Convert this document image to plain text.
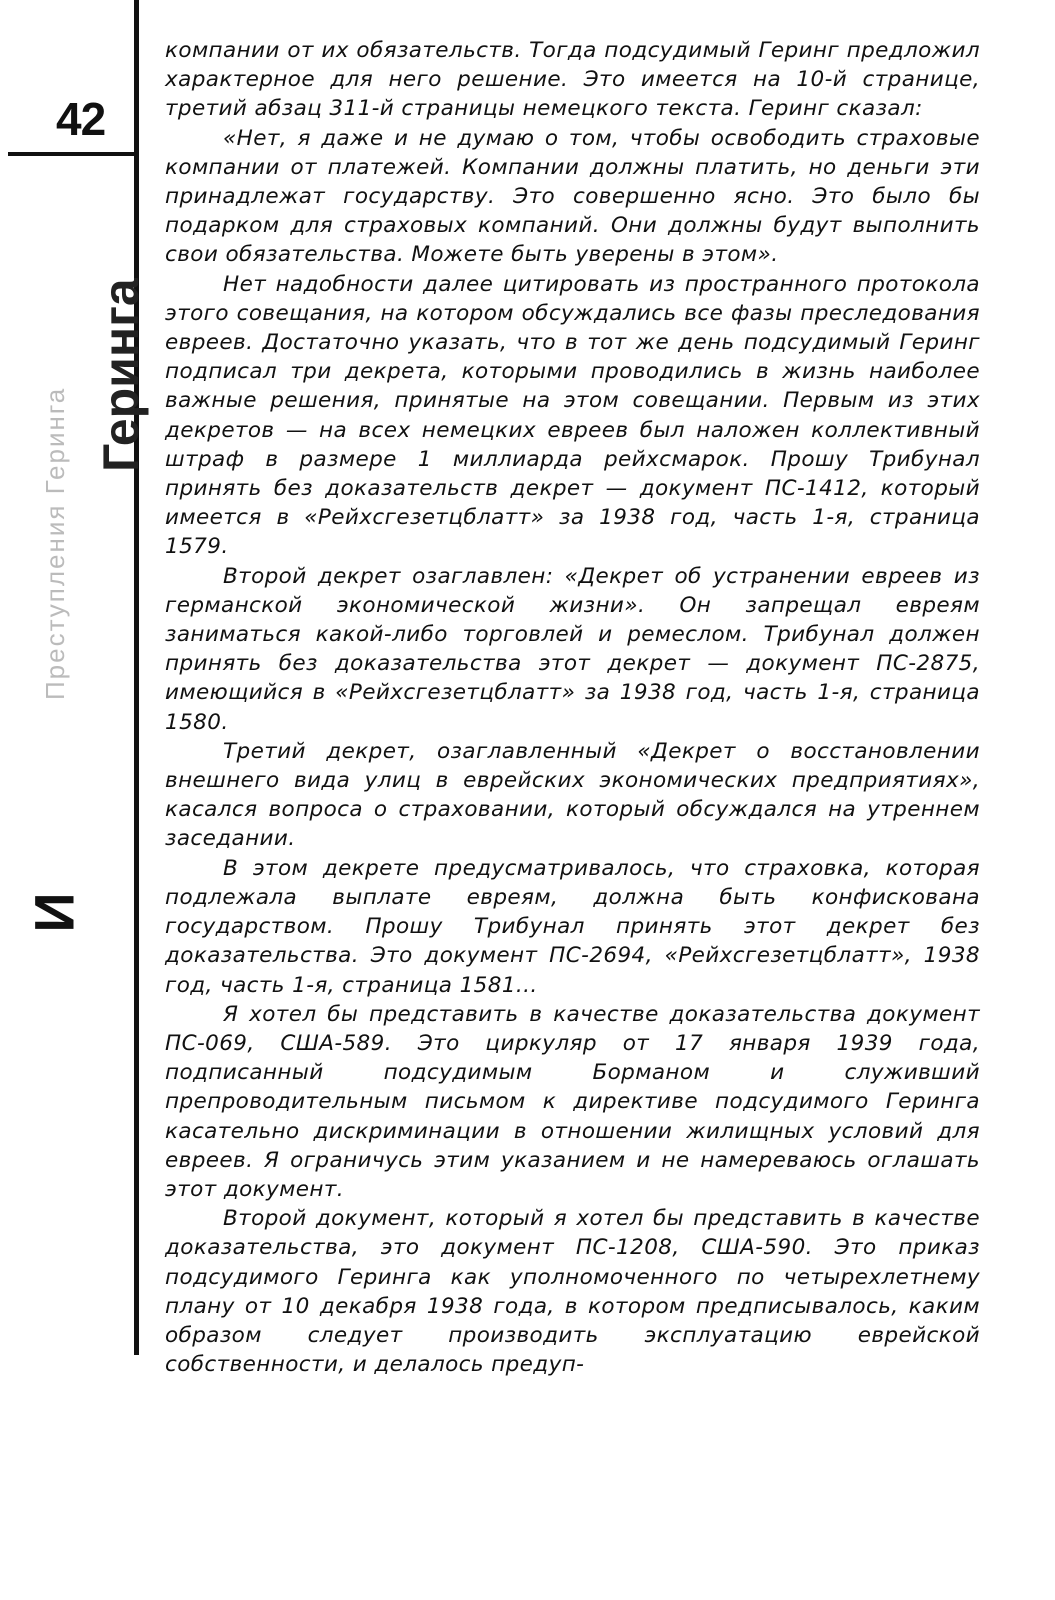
42
Преступления Геринга
Геринга
И

компании от их обязательств. Тогда подсудимый Геринг предложил характерное для него решение. Это имеется на 10-й странице, третий абзац 311-й страницы немецкого текста. Геринг сказал:

«Нет, я даже и не думаю о том, чтобы освободить страховые компании от платежей. Компании должны платить, но деньги эти принадлежат государству. Это совершенно ясно. Это было бы подарком для страховых компаний. Они должны будут выполнить свои обязательства. Можете быть уверены в этом».

Нет надобности далее цитировать из пространного протокола этого совещания, на котором обсуждались все фазы преследования евреев. Достаточно указать, что в тот же день подсудимый Геринг подписал три декрета, которыми проводились в жизнь наиболее важные решения, принятые на этом совещании. Первым из этих декретов — на всех немецких евреев был наложен коллективный штраф в размере 1 миллиарда рейхсмарок. Прошу Трибунал принять без доказательств декрет — документ ПС-1412, который имеется в «Рейхсгезетцблатт» за 1938 год, часть 1-я, страница 1579.

Второй декрет озаглавлен: «Декрет об устранении евреев из германской экономической жизни». Он запрещал евреям заниматься какой-либо торговлей и ремеслом. Трибунал должен принять без доказательства этот декрет — документ ПС-2875, имеющийся в «Рейхсгезетцблатт» за 1938 год, часть 1-я, страница 1580.

Третий декрет, озаглавленный «Декрет о восстановлении внешнего вида улиц в еврейских экономических предприятиях», касался вопроса о страховании, который обсуждался на утреннем заседании.

В этом декрете предусматривалось, что страховка, которая подлежала выплате евреям, должна быть конфискована государством. Прошу Трибунал принять этот декрет без доказательства. Это документ ПС-2694, «Рейхсгезетцблатт», 1938 год, часть 1-я, страница 1581...

Я хотел бы представить в качестве доказательства документ ПС-069, США-589. Это циркуляр от 17 января 1939 года, подписанный подсудимым Борманом и служивший препроводительным письмом к директиве подсудимого Геринга касательно дискриминации в отношении жилищных условий для евреев. Я ограничусь этим указанием и не намереваюсь оглашать этот документ.

Второй документ, который я хотел бы представить в качестве доказательства, это документ ПС-1208, США-590. Это приказ подсудимого Геринга как уполномоченного по четырехлетнему плану от 10 декабря 1938 года, в котором предписывалось, каким образом следует производить эксплуатацию еврейской собственности, и делалось предуп-
